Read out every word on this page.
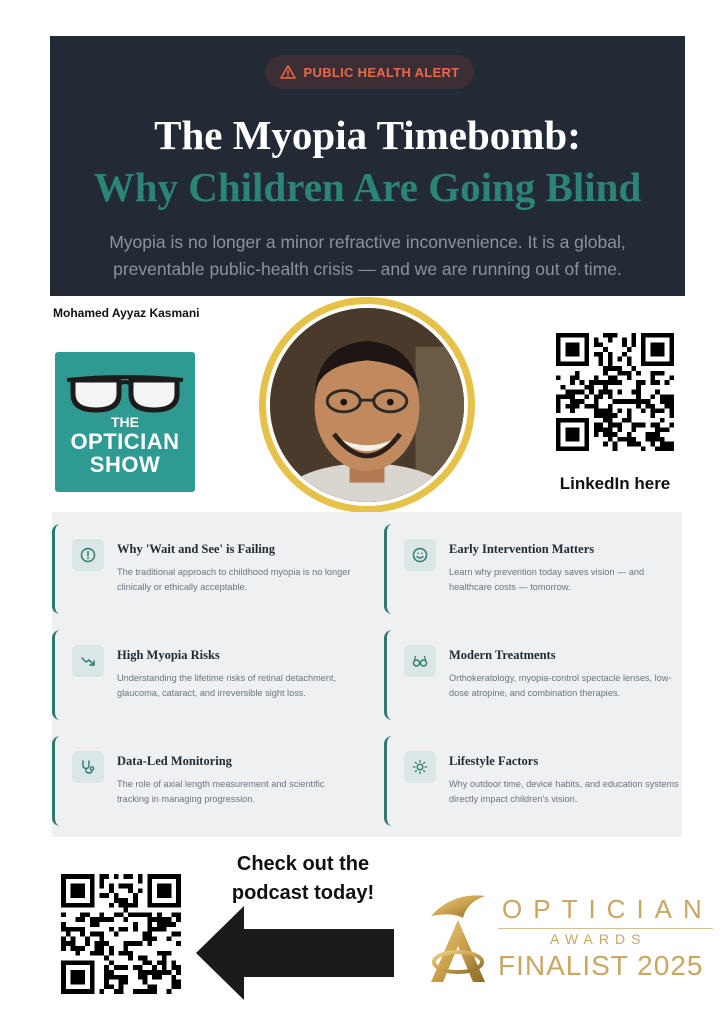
PUBLIC HEALTH ALERT
The Myopia Timebomb:
Why Children Are Going Blind

Myopia is no longer a minor refractive inconvenience. It is a global, preventable public-health crisis — and we are running out of time.

Mohamed Ayyaz Kasmani
THE
OPTICIAN
SHOW
LinkedIn here
Why 'Wait and See' is Failing
The traditional approach to childhood myopia is no longer clinically or ethically acceptable.
Early Intervention Matters
Learn why prevention today saves vision — and healthcare costs — tomorrow.
High Myopia Risks
Understanding the lifetime risks of retinal detachment, glaucoma, cataract, and irreversible sight loss.
Modern Treatments
Orthokeratology, myopia-control spectacle lenses, low-dose atropine, and combination therapies.
Data-Led Monitoring
The role of axial length measurement and scientific tracking in managing progression.
Lifestyle Factors
Why outdoor time, device habits, and education systems directly impact children's vision.
Check out the
podcast today!
OPTICIAN
AWARDS
FINALIST 2025
